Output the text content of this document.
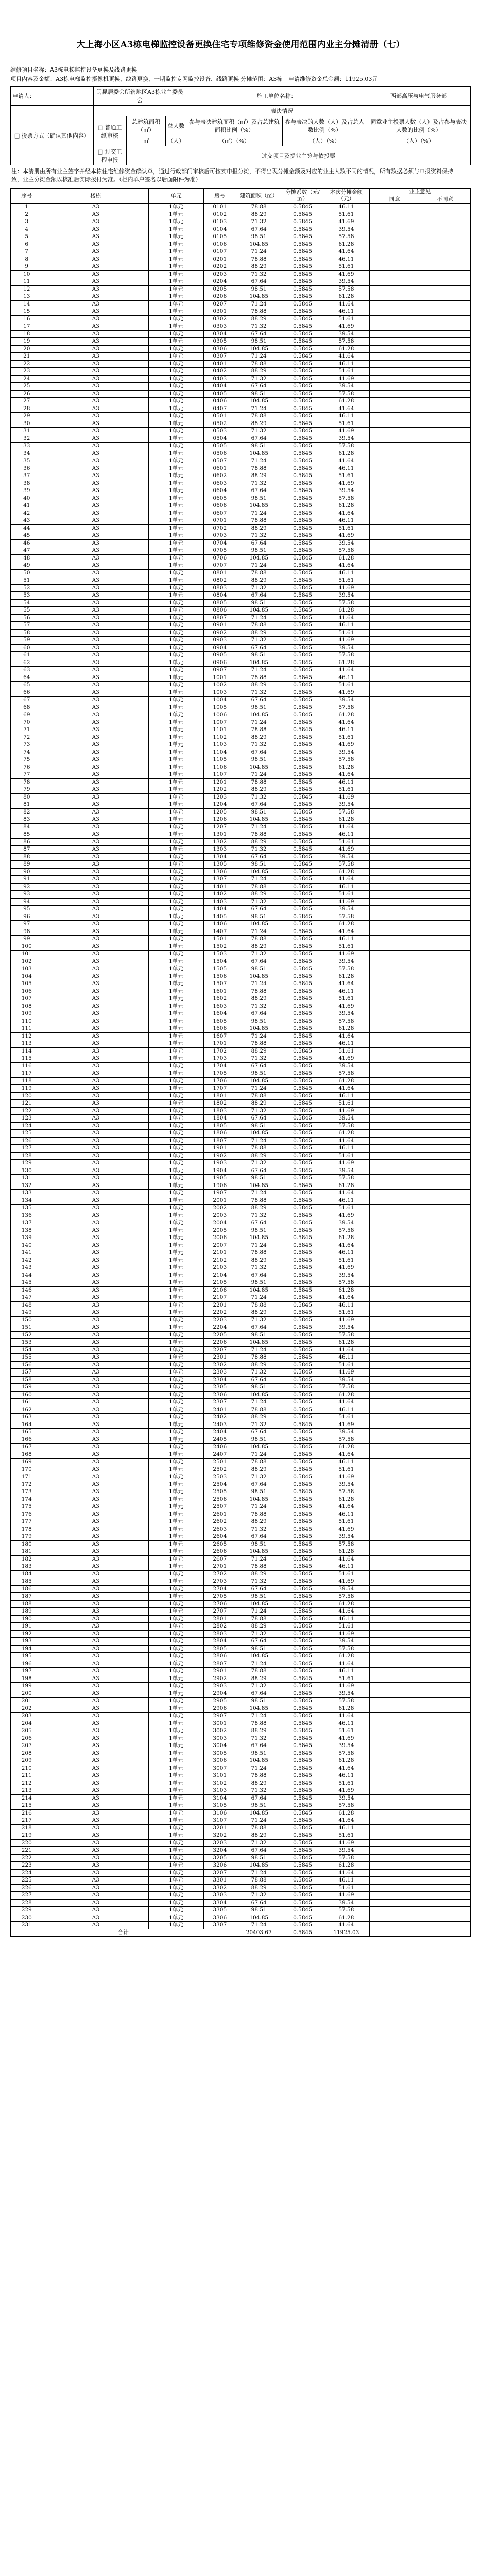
大上海小区A3栋电梯监控设备更换住宅专项维修资金使用范围内业主分摊清册（七）
维修项目名称：A3栋电梯监控设备更换及线路更换
项目内容及金额：A3栋电梯监控摄像机更换、线路更换、一期监控专网监控设备、线路更换 分摊范围：A3栋 申请维修资金总金额：11925.03元
申请人：	闽昆居委会所辖地区A3栋业主委员会			施工单位名称：		西部高压与电气服务部
□ 投票方式（确认其他内容）	表决情况					
	□ 普通工纸审核	总建筑面积（㎡）	总人数	参与表决建筑面积（㎡）及占总建筑面积比例（%）	参与表决的人数（人）及占总人数比例（%）	同意业主投票人数（人）及占参与表决人数的比例（%）
		㎡	（人）	（㎡）（%）	（人）（%）	（人）（%）
	□ 过交工程申报	过交项目及提业主签与依投票				
注：本清册由所有业主签字并经本栋住宅维修资金确认单，通过行政部门审核后可按实申报分摊，不得出现分摊金额及对应的业主人数不同的情况，所有数据必须与申报资料保持一致，业主分摊金额以核准后实际拨付为准。（栏内单户签名以后面附件为准）
序号	楼栋	单元	房号	建筑面积（㎡）	分摊系数（元/㎡）	本次分摊金额（元）	业主意见	
							同意	不同意
1	A3	1单元	0101	78.88	0.5845	46.11		
2	A3	1单元	0102	88.29	0.5845	51.61		
3	A3	1单元	0103	71.32	0.5845	41.69		
4	A3	1单元	0104	67.64	0.5845	39.54		
5	A3	1单元	0105	98.51	0.5845	57.58		
6	A3	1单元	0106	104.85	0.5845	61.28		
7	A3	1单元	0107	71.24	0.5845	41.64		
8	A3	1单元	0201	78.88	0.5845	46.11		
9	A3	1单元	0202	88.29	0.5845	51.61		
10	A3	1单元	0203	71.32	0.5845	41.69		
11	A3	1单元	0204	67.64	0.5845	39.54		
12	A3	1单元	0205	98.51	0.5845	57.58		
13	A3	1单元	0206	104.85	0.5845	61.28		
14	A3	1单元	0207	71.24	0.5845	41.64		
15	A3	1单元	0301	78.88	0.5845	46.11		
16	A3	1单元	0302	88.29	0.5845	51.61		
17	A3	1单元	0303	71.32	0.5845	41.69		
18	A3	1单元	0304	67.64	0.5845	39.54		
19	A3	1单元	0305	98.51	0.5845	57.58		
20	A3	1单元	0306	104.85	0.5845	61.28		
21	A3	1单元	0307	71.24	0.5845	41.64		
22	A3	1单元	0401	78.88	0.5845	46.11		
23	A3	1单元	0402	88.29	0.5845	51.61		
24	A3	1单元	0403	71.32	0.5845	41.69		
25	A3	1单元	0404	67.64	0.5845	39.54		
26	A3	1单元	0405	98.51	0.5845	57.58		
27	A3	1单元	0406	104.85	0.5845	61.28		
28	A3	1单元	0407	71.24	0.5845	41.64		
29	A3	1单元	0501	78.88	0.5845	46.11		
30	A3	1单元	0502	88.29	0.5845	51.61		
31	A3	1单元	0503	71.32	0.5845	41.69		
32	A3	1单元	0504	67.64	0.5845	39.54		
33	A3	1单元	0505	98.51	0.5845	57.58		
34	A3	1单元	0506	104.85	0.5845	61.28		
35	A3	1单元	0507	71.24	0.5845	41.64		
36	A3	1单元	0601	78.88	0.5845	46.11		
37	A3	1单元	0602	88.29	0.5845	51.61		
38	A3	1单元	0603	71.32	0.5845	41.69		
39	A3	1单元	0604	67.64	0.5845	39.54		
40	A3	1单元	0605	98.51	0.5845	57.58		
41	A3	1单元	0606	104.85	0.5845	61.28		
42	A3	1单元	0607	71.24	0.5845	41.64		
43	A3	1单元	0701	78.88	0.5845	46.11		
44	A3	1单元	0702	88.29	0.5845	51.61		
45	A3	1单元	0703	71.32	0.5845	41.69		
46	A3	1单元	0704	67.64	0.5845	39.54		
47	A3	1单元	0705	98.51	0.5845	57.58		
48	A3	1单元	0706	104.85	0.5845	61.28		
49	A3	1单元	0707	71.24	0.5845	41.64		
50	A3	1单元	0801	78.88	0.5845	46.11		
51	A3	1单元	0802	88.29	0.5845	51.61		
52	A3	1单元	0803	71.32	0.5845	41.69		
53	A3	1单元	0804	67.64	0.5845	39.54		
54	A3	1单元	0805	98.51	0.5845	57.58		
55	A3	1单元	0806	104.85	0.5845	61.28		
56	A3	1单元	0807	71.24	0.5845	41.64		
57	A3	1单元	0901	78.88	0.5845	46.11		
58	A3	1单元	0902	88.29	0.5845	51.61		
59	A3	1单元	0903	71.32	0.5845	41.69		
60	A3	1单元	0904	67.64	0.5845	39.54		
61	A3	1单元	0905	98.51	0.5845	57.58		
62	A3	1单元	0906	104.85	0.5845	61.28		
63	A3	1单元	0907	71.24	0.5845	41.64		
64	A3	1单元	1001	78.88	0.5845	46.11		
65	A3	1单元	1002	88.29	0.5845	51.61		
66	A3	1单元	1003	71.32	0.5845	41.69		
67	A3	1单元	1004	67.64	0.5845	39.54		
68	A3	1单元	1005	98.51	0.5845	57.58		
69	A3	1单元	1006	104.85	0.5845	61.28		
70	A3	1单元	1007	71.24	0.5845	41.64		
71	A3	1单元	1101	78.88	0.5845	46.11		
72	A3	1单元	1102	88.29	0.5845	51.61		
73	A3	1单元	1103	71.32	0.5845	41.69		
74	A3	1单元	1104	67.64	0.5845	39.54		
75	A3	1单元	1105	98.51	0.5845	57.58		
76	A3	1单元	1106	104.85	0.5845	61.28		
77	A3	1单元	1107	71.24	0.5845	41.64		
78	A3	1单元	1201	78.88	0.5845	46.11		
79	A3	1单元	1202	88.29	0.5845	51.61		
80	A3	1单元	1203	71.32	0.5845	41.69		
81	A3	1单元	1204	67.64	0.5845	39.54		
82	A3	1单元	1205	98.51	0.5845	57.58		
83	A3	1单元	1206	104.85	0.5845	61.28		
84	A3	1单元	1207	71.24	0.5845	41.64		
85	A3	1单元	1301	78.88	0.5845	46.11		
86	A3	1单元	1302	88.29	0.5845	51.61		
87	A3	1单元	1303	71.32	0.5845	41.69		
88	A3	1单元	1304	67.64	0.5845	39.54		
89	A3	1单元	1305	98.51	0.5845	57.58		
90	A3	1单元	1306	104.85	0.5845	61.28		
91	A3	1单元	1307	71.24	0.5845	41.64		
92	A3	1单元	1401	78.88	0.5845	46.11		
93	A3	1单元	1402	88.29	0.5845	51.61		
94	A3	1单元	1403	71.32	0.5845	41.69		
95	A3	1单元	1404	67.64	0.5845	39.54		
96	A3	1单元	1405	98.51	0.5845	57.58		
97	A3	1单元	1406	104.85	0.5845	61.28		
98	A3	1单元	1407	71.24	0.5845	41.64		
99	A3	1单元	1501	78.88	0.5845	46.11		
100	A3	1单元	1502	88.29	0.5845	51.61		
101	A3	1单元	1503	71.32	0.5845	41.69		
102	A3	1单元	1504	67.64	0.5845	39.54		
103	A3	1单元	1505	98.51	0.5845	57.58		
104	A3	1单元	1506	104.85	0.5845	61.28		
105	A3	1单元	1507	71.24	0.5845	41.64		
106	A3	1单元	1601	78.88	0.5845	46.11		
107	A3	1单元	1602	88.29	0.5845	51.61		
108	A3	1单元	1603	71.32	0.5845	41.69		
109	A3	1单元	1604	67.64	0.5845	39.54		
110	A3	1单元	1605	98.51	0.5845	57.58		
111	A3	1单元	1606	104.85	0.5845	61.28		
112	A3	1单元	1607	71.24	0.5845	41.64		
113	A3	1单元	1701	78.88	0.5845	46.11		
114	A3	1单元	1702	88.29	0.5845	51.61		
115	A3	1单元	1703	71.32	0.5845	41.69		
116	A3	1单元	1704	67.64	0.5845	39.54		
117	A3	1单元	1705	98.51	0.5845	57.58		
118	A3	1单元	1706	104.85	0.5845	61.28		
119	A3	1单元	1707	71.24	0.5845	41.64		
120	A3	1单元	1801	78.88	0.5845	46.11		
121	A3	1单元	1802	88.29	0.5845	51.61		
122	A3	1单元	1803	71.32	0.5845	41.69		
123	A3	1单元	1804	67.64	0.5845	39.54		
124	A3	1单元	1805	98.51	0.5845	57.58		
125	A3	1单元	1806	104.85	0.5845	61.28		
126	A3	1单元	1807	71.24	0.5845	41.64		
127	A3	1单元	1901	78.88	0.5845	46.11		
128	A3	1单元	1902	88.29	0.5845	51.61		
129	A3	1单元	1903	71.32	0.5845	41.69		
130	A3	1单元	1904	67.64	0.5845	39.54		
131	A3	1单元	1905	98.51	0.5845	57.58		
132	A3	1单元	1906	104.85	0.5845	61.28		
133	A3	1单元	1907	71.24	0.5845	41.64		
134	A3	1单元	2001	78.88	0.5845	46.11		
135	A3	1单元	2002	88.29	0.5845	51.61		
136	A3	1单元	2003	71.32	0.5845	41.69		
137	A3	1单元	2004	67.64	0.5845	39.54		
138	A3	1单元	2005	98.51	0.5845	57.58		
139	A3	1单元	2006	104.85	0.5845	61.28		
140	A3	1单元	2007	71.24	0.5845	41.64		
141	A3	1单元	2101	78.88	0.5845	46.11		
142	A3	1单元	2102	88.29	0.5845	51.61		
143	A3	1单元	2103	71.32	0.5845	41.69		
144	A3	1单元	2104	67.64	0.5845	39.54		
145	A3	1单元	2105	98.51	0.5845	57.58		
146	A3	1单元	2106	104.85	0.5845	61.28		
147	A3	1单元	2107	71.24	0.5845	41.64		
148	A3	1单元	2201	78.88	0.5845	46.11		
149	A3	1单元	2202	88.29	0.5845	51.61		
150	A3	1单元	2203	71.32	0.5845	41.69		
151	A3	1单元	2204	67.64	0.5845	39.54		
152	A3	1单元	2205	98.51	0.5845	57.58		
153	A3	1单元	2206	104.85	0.5845	61.28		
154	A3	1单元	2207	71.24	0.5845	41.64		
155	A3	1单元	2301	78.88	0.5845	46.11		
156	A3	1单元	2302	88.29	0.5845	51.61		
157	A3	1单元	2303	71.32	0.5845	41.69		
158	A3	1单元	2304	67.64	0.5845	39.54		
159	A3	1单元	2305	98.51	0.5845	57.58		
160	A3	1单元	2306	104.85	0.5845	61.28		
161	A3	1单元	2307	71.24	0.5845	41.64		
162	A3	1单元	2401	78.88	0.5845	46.11		
163	A3	1单元	2402	88.29	0.5845	51.61		
164	A3	1单元	2403	71.32	0.5845	41.69		
165	A3	1单元	2404	67.64	0.5845	39.54		
166	A3	1单元	2405	98.51	0.5845	57.58		
167	A3	1单元	2406	104.85	0.5845	61.28		
168	A3	1单元	2407	71.24	0.5845	41.64		
169	A3	1单元	2501	78.88	0.5845	46.11		
170	A3	1单元	2502	88.29	0.5845	51.61		
171	A3	1单元	2503	71.32	0.5845	41.69		
172	A3	1单元	2504	67.64	0.5845	39.54		
173	A3	1单元	2505	98.51	0.5845	57.58		
174	A3	1单元	2506	104.85	0.5845	61.28		
175	A3	1单元	2507	71.24	0.5845	41.64		
176	A3	1单元	2601	78.88	0.5845	46.11		
177	A3	1单元	2602	88.29	0.5845	51.61		
178	A3	1单元	2603	71.32	0.5845	41.69		
179	A3	1单元	2604	67.64	0.5845	39.54		
180	A3	1单元	2605	98.51	0.5845	57.58		
181	A3	1单元	2606	104.85	0.5845	61.28		
182	A3	1单元	2607	71.24	0.5845	41.64		
183	A3	1单元	2701	78.88	0.5845	46.11		
184	A3	1单元	2702	88.29	0.5845	51.61		
185	A3	1单元	2703	71.32	0.5845	41.69		
186	A3	1单元	2704	67.64	0.5845	39.54		
187	A3	1单元	2705	98.51	0.5845	57.58		
188	A3	1单元	2706	104.85	0.5845	61.28		
189	A3	1单元	2707	71.24	0.5845	41.64		
190	A3	1单元	2801	78.88	0.5845	46.11		
191	A3	1单元	2802	88.29	0.5845	51.61		
192	A3	1单元	2803	71.32	0.5845	41.69		
193	A3	1单元	2804	67.64	0.5845	39.54		
194	A3	1单元	2805	98.51	0.5845	57.58		
195	A3	1单元	2806	104.85	0.5845	61.28		
196	A3	1单元	2807	71.24	0.5845	41.64		
197	A3	1单元	2901	78.88	0.5845	46.11		
198	A3	1单元	2902	88.29	0.5845	51.61		
199	A3	1单元	2903	71.32	0.5845	41.69		
200	A3	1单元	2904	67.64	0.5845	39.54		
201	A3	1单元	2905	98.51	0.5845	57.58		
202	A3	1单元	2906	104.85	0.5845	61.28		
203	A3	1单元	2907	71.24	0.5845	41.64		
204	A3	1单元	3001	78.88	0.5845	46.11		
205	A3	1单元	3002	88.29	0.5845	51.61		
206	A3	1单元	3003	71.32	0.5845	41.69		
207	A3	1单元	3004	67.64	0.5845	39.54		
208	A3	1单元	3005	98.51	0.5845	57.58		
209	A3	1单元	3006	104.85	0.5845	61.28		
210	A3	1单元	3007	71.24	0.5845	41.64		
211	A3	1单元	3101	78.88	0.5845	46.11		
212	A3	1单元	3102	88.29	0.5845	51.61		
213	A3	1单元	3103	71.32	0.5845	41.69		
214	A3	1单元	3104	67.64	0.5845	39.54		
215	A3	1单元	3105	98.51	0.5845	57.58		
216	A3	1单元	3106	104.85	0.5845	61.28		
217	A3	1单元	3107	71.24	0.5845	41.64		
218	A3	1单元	3201	78.88	0.5845	46.11		
219	A3	1单元	3202	88.29	0.5845	51.61		
220	A3	1单元	3203	71.32	0.5845	41.69		
221	A3	1单元	3204	67.64	0.5845	39.54		
222	A3	1单元	3205	98.51	0.5845	57.58		
223	A3	1单元	3206	104.85	0.5845	61.28		
224	A3	1单元	3207	71.24	0.5845	41.64		
225	A3	1单元	3301	78.88	0.5845	46.11		
226	A3	1单元	3302	88.29	0.5845	51.61		
227	A3	1单元	3303	71.32	0.5845	41.69		
228	A3	1单元	3304	67.64	0.5845	39.54		
229	A3	1单元	3305	98.51	0.5845	57.58		
230	A3	1单元	3306	104.85	0.5845	61.28		
231	A3	1单元	3307	71.24	0.5845	41.64		
合计				20403.67	0.5845	11925.03		
